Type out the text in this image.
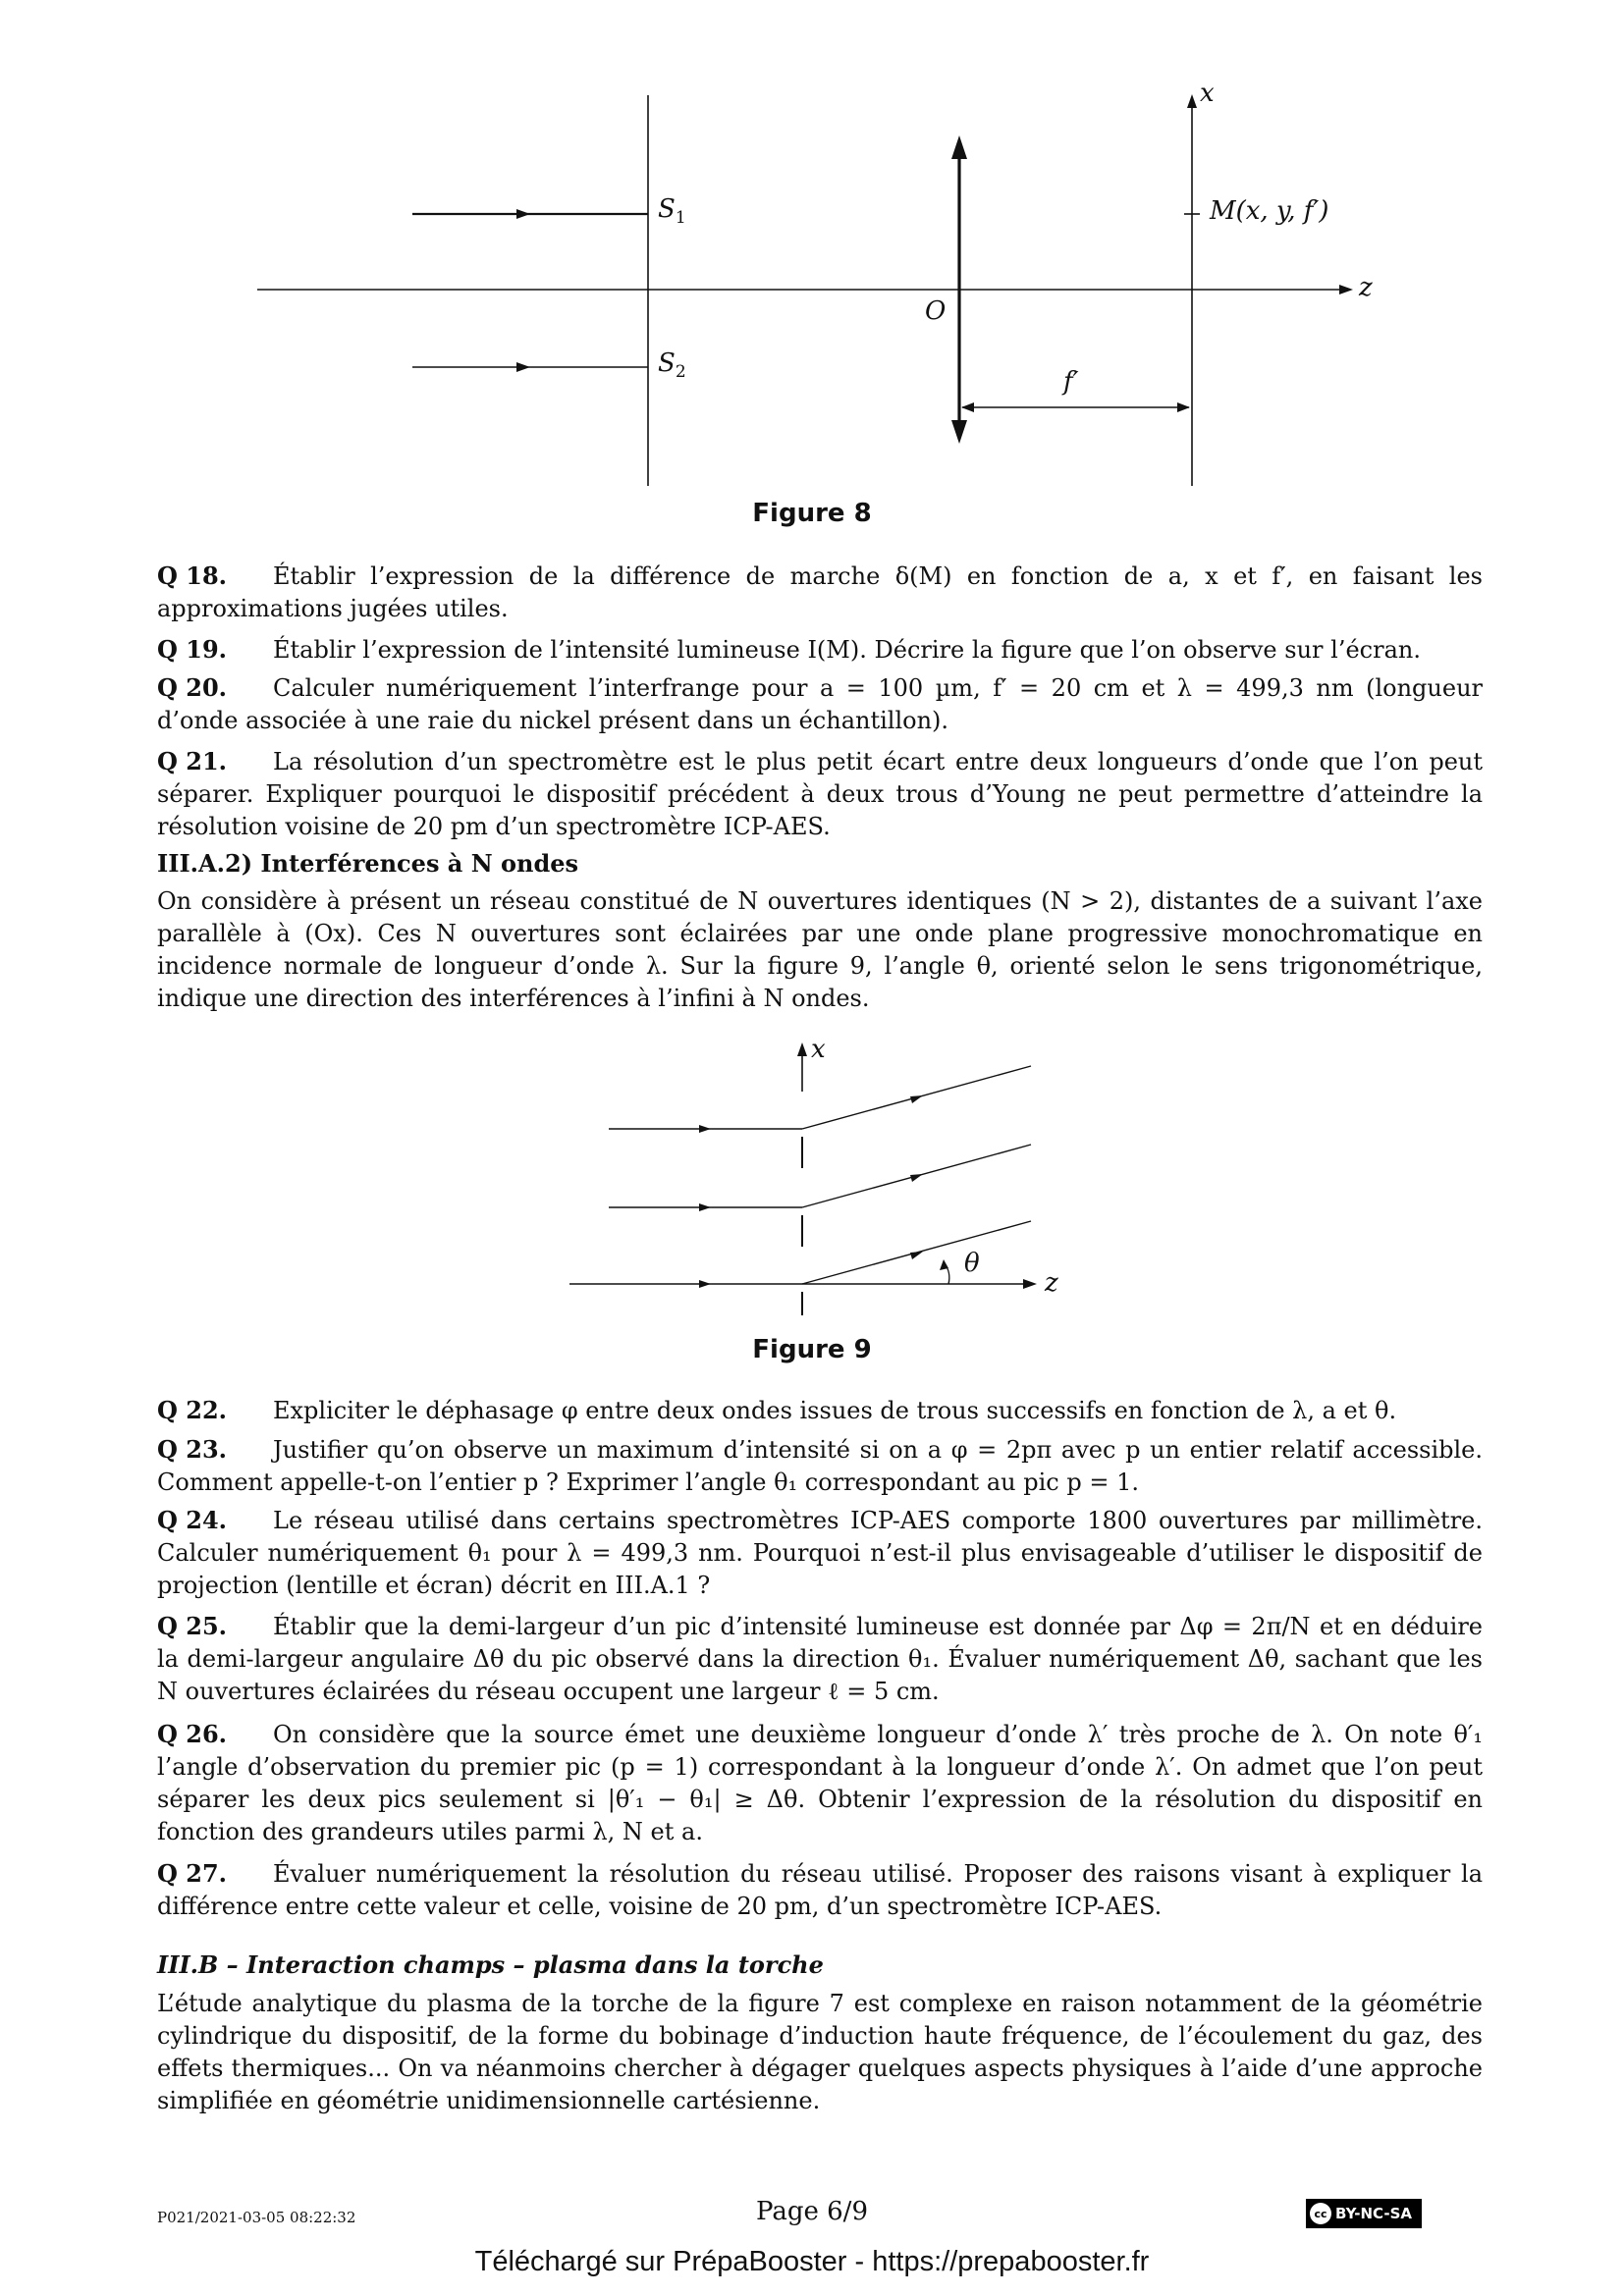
$S_1$
$S_2$
O
x
z
M(x, y, f′)
f′
Figure 8
Q 18. Établir l’expression de la différence de marche δ(M) en fonction de a, x et f′, en faisant les approximations jugées utiles.
Q 19. Établir l’expression de l’intensité lumineuse I(M). Décrire la figure que l’on observe sur l’écran.
Q 20. Calculer numériquement l’interfrange pour a = 100 µm, f′ = 20 cm et λ = 499,3 nm (longueur d’onde associée à une raie du nickel présent dans un échantillon).
Q 21. La résolution d’un spectromètre est le plus petit écart entre deux longueurs d’onde que l’on peut séparer. Expliquer pourquoi le dispositif précédent à deux trous d’Young ne peut permettre d’atteindre la résolution voisine de 20 pm d’un spectromètre ICP-AES.
III.A.2) Interférences à N ondes
On considère à présent un réseau constitué de N ouvertures identiques (N > 2), distantes de a suivant l’axe parallèle à (Ox). Ces N ouvertures sont éclairées par une onde plane progressive monochromatique en incidence normale de longueur d’onde λ. Sur la figure 9, l’angle θ, orienté selon le sens trigonométrique, indique une direction des interférences à l’infini à N ondes.
x
z
θ
Figure 9
Q 22. Expliciter le déphasage φ entre deux ondes issues de trous successifs en fonction de λ, a et θ.
Q 23. Justifier qu’on observe un maximum d’intensité si on a φ = 2pπ avec p un entier relatif accessible. Comment appelle-t-on l’entier p ? Exprimer l’angle θ₁ correspondant au pic p = 1.
Q 24. Le réseau utilisé dans certains spectromètres ICP-AES comporte 1800 ouvertures par millimètre. Calculer numériquement θ₁ pour λ = 499,3 nm. Pourquoi n’est-il plus envisageable d’utiliser le dispositif de projection (lentille et écran) décrit en III.A.1 ?
Q 25. Établir que la demi-largeur d’un pic d’intensité lumineuse est donnée par Δφ = 2π/N et en déduire la demi-largeur angulaire Δθ du pic observé dans la direction θ₁. Évaluer numériquement Δθ, sachant que les N ouvertures éclairées du réseau occupent une largeur ℓ = 5 cm.
Q 26. On considère que la source émet une deuxième longueur d’onde λ′ très proche de λ. On note θ′₁ l’angle d’observation du premier pic (p = 1) correspondant à la longueur d’onde λ′. On admet que l’on peut séparer les deux pics seulement si |θ′₁ − θ₁| ≥ Δθ. Obtenir l’expression de la résolution du dispositif en fonction des grandeurs utiles parmi λ, N et a.
Q 27. Évaluer numériquement la résolution du réseau utilisé. Proposer des raisons visant à expliquer la différence entre cette valeur et celle, voisine de 20 pm, d’un spectromètre ICP-AES.
III.B – Interaction champs – plasma dans la torche
L’étude analytique du plasma de la torche de la figure 7 est complexe en raison notamment de la géométrie cylindrique du dispositif, de la forme du bobinage d’induction haute fréquence, de l’écoulement du gaz, des effets thermiques... On va néanmoins chercher à dégager quelques aspects physiques à l’aide d’une approche simplifiée en géométrie unidimensionnelle cartésienne.
P021/2021-03-05 08:22:32	Page 6/9	cc BY-NC-SA
Téléchargé sur PrépaBooster - https://prepabooster.fr
